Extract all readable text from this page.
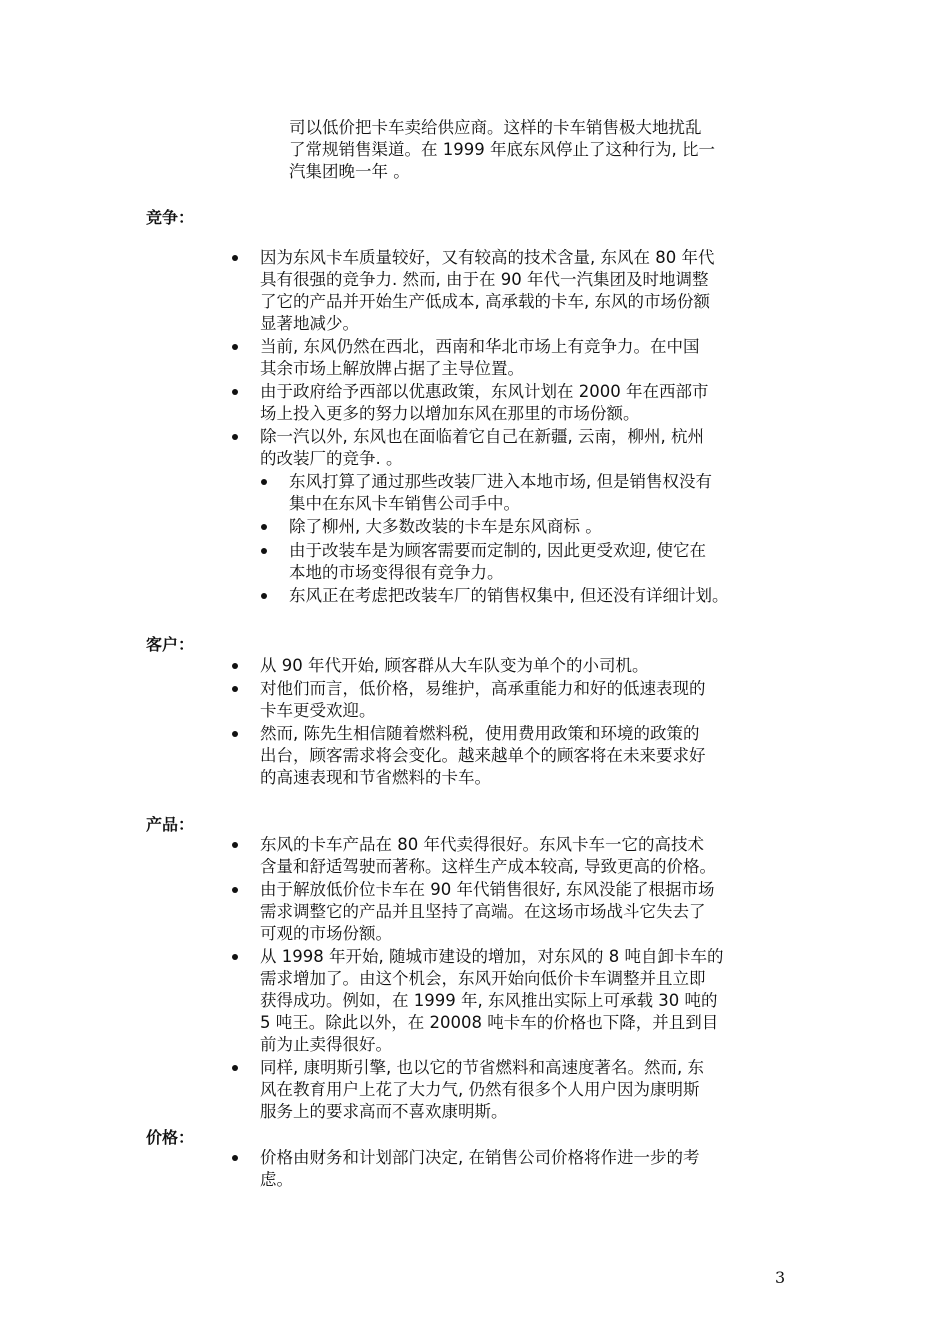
司以低价把卡车卖给供应商。这样的卡车销售极大地扰乱
了常规销售渠道。在 1999 年底东风停止了这种行为, 比一
汽集团晚一年 。
竞争：
因为东风卡车质量较好，又有较高的技术含量, 东风在 80 年代
具有很强的竞争力. 然而, 由于在 90 年代一汽集团及时地调整
了它的产品并开始生产低成本, 高承载的卡车, 东风的市场份额
显著地减少。
当前, 东风仍然在西北，西南和华北市场上有竞争力。在中国
其余市场上解放牌占据了主导位置。
由于政府给予西部以优惠政策，东风计划在 2000 年在西部市
场上投入更多的努力以增加东风在那里的市场份额。
除一汽以外, 东风也在面临着它自己在新疆, 云南，柳州, 杭州
的改装厂的竞争. 。
东风打算了通过那些改装厂进入本地市场, 但是销售权没有
集中在东风卡车销售公司手中。
除了柳州, 大多数改装的卡车是东风商标 。
由于改装车是为顾客需要而定制的, 因此更受欢迎, 使它在
本地的市场变得很有竞争力。
东风正在考虑把改装车厂的销售权集中, 但还没有详细计划。
客户：
从 90 年代开始, 顾客群从大车队变为单个的小司机。
对他们而言，低价格，易维护，高承重能力和好的低速表现的
卡车更受欢迎。
然而, 陈先生相信随着燃料税，使用费用政策和环境的政策的
出台，顾客需求将会变化。越来越单个的顾客将在未来要求好
的高速表现和节省燃料的卡车。
产品：
东风的卡车产品在 80 年代卖得很好。东风卡车一它的高技术
含量和舒适驾驶而著称。这样生产成本较高, 导致更高的价格。
由于解放低价位卡车在 90 年代销售很好, 东风没能了根据市场
需求调整它的产品并且坚持了高端。在这场市场战斗它失去了
可观的市场份额。
从 1998 年开始, 随城市建设的增加，对东风的 8 吨自卸卡车的
需求增加了。由这个机会，东风开始向低价卡车调整并且立即
获得成功。例如，在 1999 年, 东风推出实际上可承载 30 吨的
5 吨王。除此以外，在 20008 吨卡车的价格也下降，并且到目
前为止卖得很好。
同样, 康明斯引擎, 也以它的节省燃料和高速度著名。然而, 东
风在教育用户上花了大力气, 仍然有很多个人用户因为康明斯
服务上的要求高而不喜欢康明斯。
价格：
价格由财务和计划部门决定, 在销售公司价格将作进一步的考
虑。
3
